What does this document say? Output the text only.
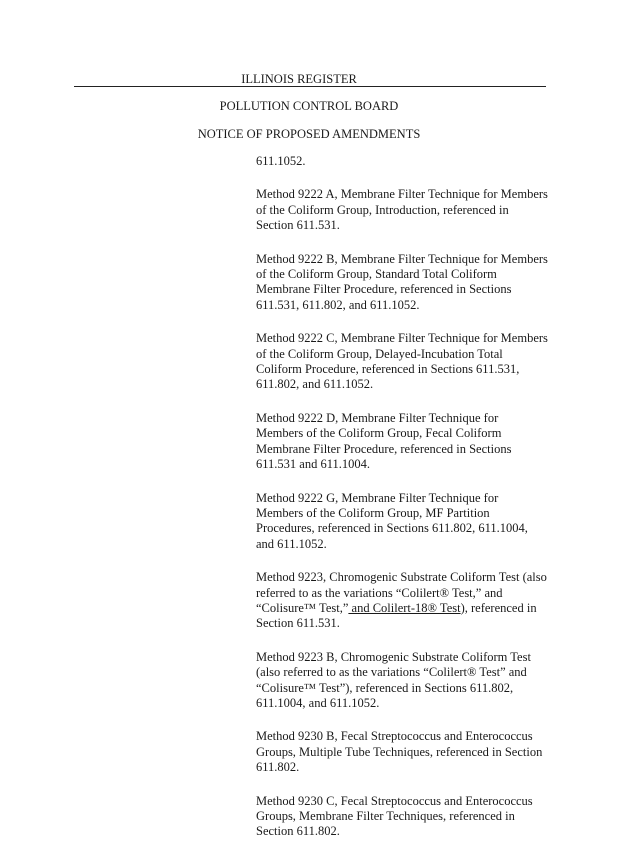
ILLINOIS REGISTER
POLLUTION CONTROL BOARD
NOTICE OF PROPOSED AMENDMENTS

611.1052.

Method 9222 A, Membrane Filter Technique for Members of the Coliform Group, Introduction, referenced in Section 611.531.

Method 9222 B, Membrane Filter Technique for Members of the Coliform Group, Standard Total Coliform Membrane Filter Procedure, referenced in Sections 611.531, 611.802, and 611.1052.

Method 9222 C, Membrane Filter Technique for Members of the Coliform Group, Delayed-Incubation Total Coliform Procedure, referenced in Sections 611.531, 611.802, and 611.1052.

Method 9222 D, Membrane Filter Technique for Members of the Coliform Group, Fecal Coliform Membrane Filter Procedure, referenced in Sections 611.531 and 611.1004.

Method 9222 G, Membrane Filter Technique for Members of the Coliform Group, MF Partition Procedures, referenced in Sections 611.802, 611.1004, and 611.1052.

Method 9223, Chromogenic Substrate Coliform Test (also referred to as the variations “Colilert® Test,” and “Colisure™ Test,” and Colilert-18® Test), referenced in Section 611.531.

Method 9223 B, Chromogenic Substrate Coliform Test (also referred to as the variations “Colilert® Test” and “Colisure™ Test”), referenced in Sections 611.802, 611.1004, and 611.1052.

Method 9230 B, Fecal Streptococcus and Enterococcus Groups, Multiple Tube Techniques, referenced in Section 611.802.

Method 9230 C, Fecal Streptococcus and Enterococcus Groups, Membrane Filter Techniques, referenced in Section 611.802.
